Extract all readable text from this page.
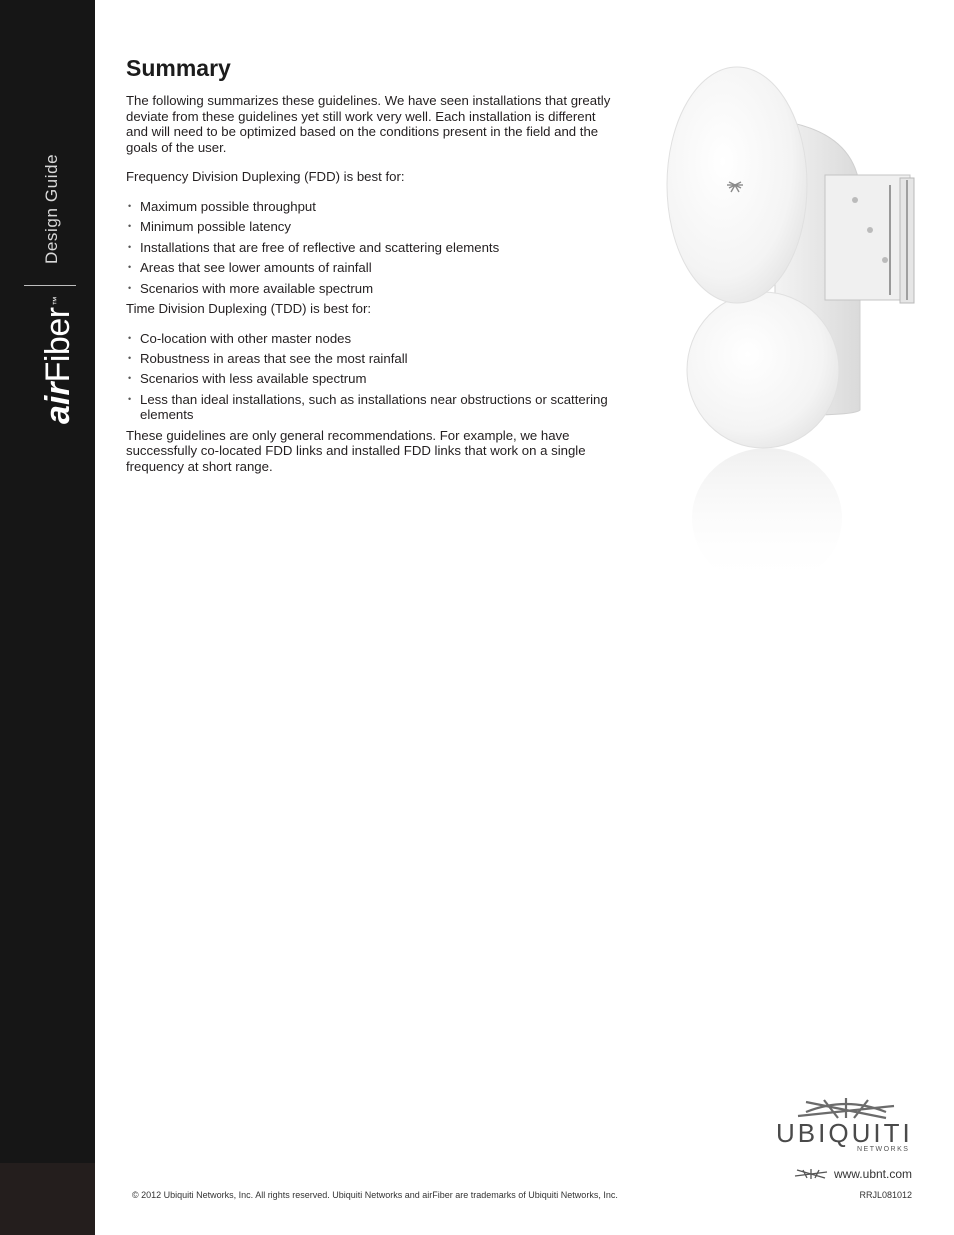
Design Guide
airFiber™
Summary

The following summarizes these guidelines. We have seen installations that greatly deviate from these guidelines yet still work very well. Each installation is different and will need to be optimized based on the conditions present in the field and the goals of the user.

Frequency Division Duplexing (FDD) is best for:

• Maximum possible throughput
• Minimum possible latency
• Installations that are free of reflective and scattering elements
• Areas that see lower amounts of rainfall
• Scenarios with more available spectrum

Time Division Duplexing (TDD) is best for:

• Co-location with other master nodes
• Robustness in areas that see the most rainfall
• Scenarios with less available spectrum
• Less than ideal installations, such as installations near obstructions or scattering elements

These guidelines are only general recommendations. For example, we have successfully co-located FDD links and installed FDD links that work on a single frequency at short range.

UBIQUITI
NETWORKS
www.ubnt.com
© 2012 Ubiquiti Networks, Inc. All rights reserved. Ubiquiti Networks and airFiber are trademarks of Ubiquiti Networks, Inc.	RRJL081012
